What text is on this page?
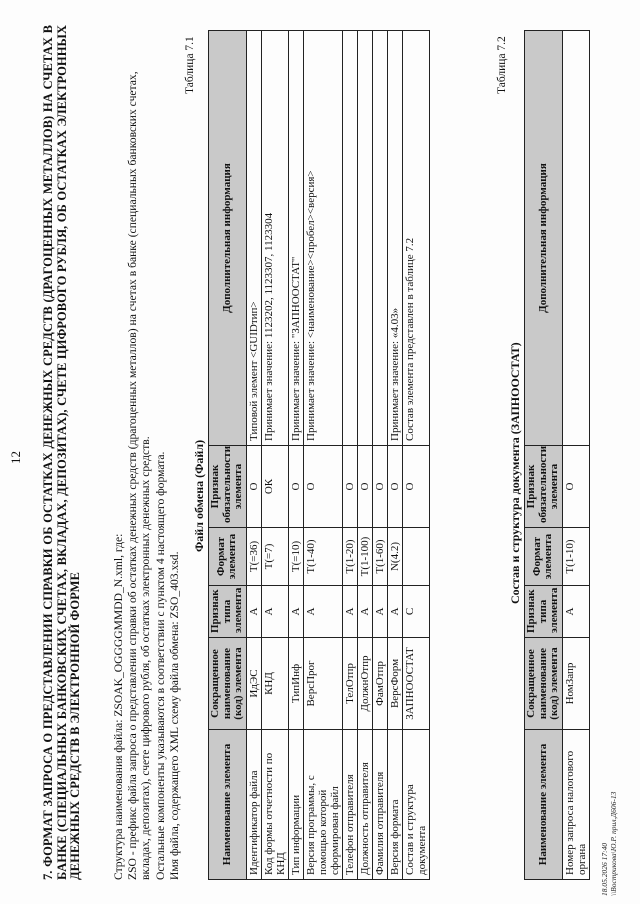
12 7. ФОРМАТ ЗАПРОСА О ПРЕДСТАВЛЕНИИ СПРАВКИ ОБ ОСТАТКАХ ДЕНЕЖНЫХ СРЕДСТВ (ДРАГОЦЕННЫХ МЕТАЛЛОВ) НА СЧЕТАХ В БАНКЕ (СПЕЦИАЛЬНЫХ БАНКОВСКИХ СЧЕТАХ, ВКЛАДАХ, ДЕПОЗИТАХ), СЧЕТЕ ЦИФРОВОГО РУБЛЯ, ОБ ОСТАТКАХ ЭЛЕКТРОННЫХ ДЕНЕЖНЫХ СРЕДСТВ В ЭЛЕКТРОННОЙ ФОРМЕ	Структура наименования файла: ZSOAK_OGGGGMMDD_N.xml, где: ZSO - префикс файла запроса о представлении справки об остатках денежных средств (драгоценных металлов) на счетах в банке (специальных банковских счетах, вкладах, депозитах), счете цифрового рубля, об остатках электронных денежных средств. Остальные компоненты указываются в соответствии с пунктом 4 настоящего формата. Имя файла, содержащего XML схему файла обмена: ZSO_403.xsd.

Таблица 7.1
Файл обмена (Файл)
Наименование элемента	Сокращенное наименование (код) элемента	Признак типа элемента	Формат элемента	Признак обязательности элемента	Дополнительная информация
Идентификатор файла	ИдЭС	А	T(=36)	О	Типовой элемент <GUIDтип>
Код формы отчетности по КНД	КНД	А	T(=7)	ОК	Принимает значение: 1123202, 1123307, 1123304
Тип информации	ТипИнф	А	T(=10)	О	Принимает значение: "ЗАПНООСТАТ"
Версия программы, с помощью которой сформирован файл	ВерсПрог	А	T(1-40)	О	Принимает значение: <наименование><пробел><версия>
Телефон отправителя	ТелОтпр	А	T(1-20)	О	
Должность отправителя	ДолжнОтпр	А	T(1-100)	О	
Фамилия отправителя	ФамОтпр	А	T(1-60)	О	
Версия формата	ВерсФорм	А	N(4.2)	О	Принимает значение: «4.03»
Состав и структура документа	ЗАПНООСТАТ	С		О	Состав элемента представлен в таблице 7.2
Таблица 7.2
Состав и структура документа (ЗАПНООСТАТ)
Наименование элемента	Сокращенное наименование (код) элемента	Признак типа элемента	Формат элемента	Признак обязательности элемента	Дополнительная информация
Номер запроса налогового органа	НомЗапр	А	T(1-10)	О	
18.05.2026 17:40 \\Вострикова\Ю.Р. прил.Д606-13
